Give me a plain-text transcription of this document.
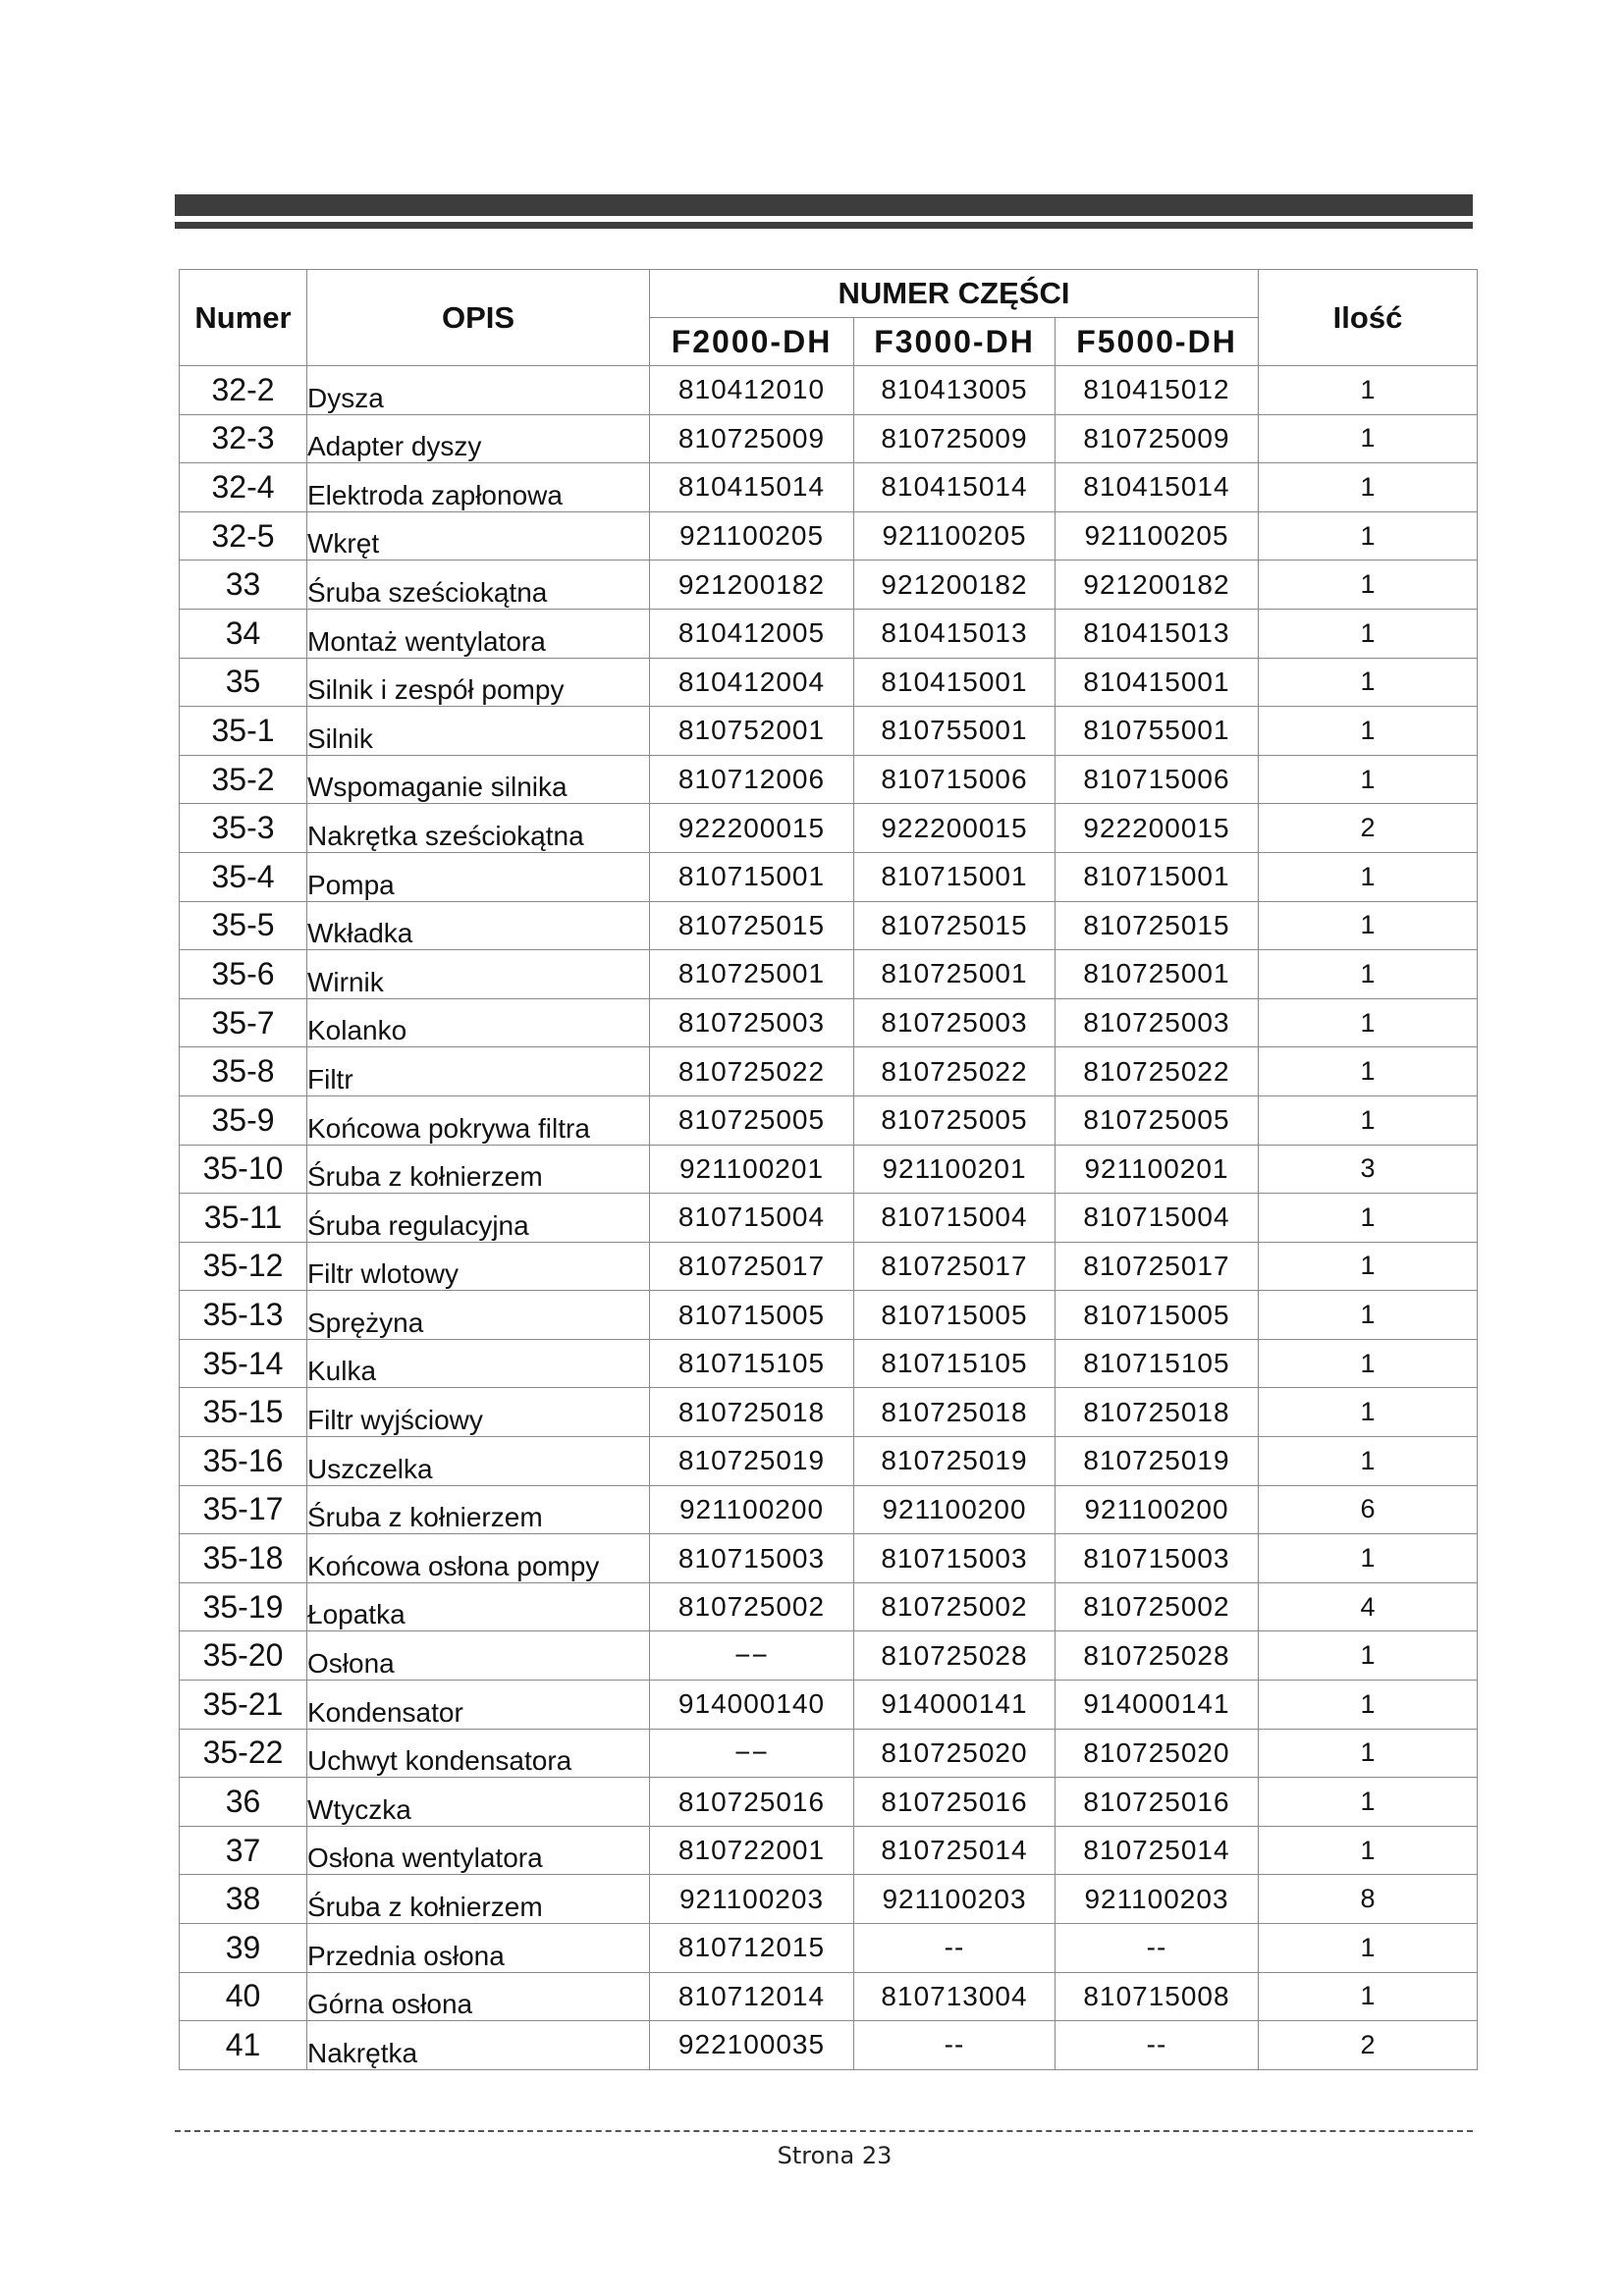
Numer	OPIS	NUMER CZĘŚCI			Ilość
		F2000-DH	F3000-DH	F5000-DH	
32-2	Dysza	810412010	810413005	810415012	1
32-3	Adapter dyszy	810725009	810725009	810725009	1
32-4	Elektroda zapłonowa	810415014	810415014	810415014	1
32-5	Wkręt	921100205	921100205	921100205	1
33	Śruba sześciokątna	921200182	921200182	921200182	1
34	Montaż wentylatora	810412005	810415013	810415013	1
35	Silnik i zespół pompy	810412004	810415001	810415001	1
35-1	Silnik	810752001	810755001	810755001	1
35-2	Wspomaganie silnika	810712006	810715006	810715006	1
35-3	Nakrętka sześciokątna	922200015	922200015	922200015	2
35-4	Pompa	810715001	810715001	810715001	1
35-5	Wkładka	810725015	810725015	810725015	1
35-6	Wirnik	810725001	810725001	810725001	1
35-7	Kolanko	810725003	810725003	810725003	1
35-8	Filtr	810725022	810725022	810725022	1
35-9	Końcowa pokrywa filtra	810725005	810725005	810725005	1
35-10	Śruba z kołnierzem	921100201	921100201	921100201	3
35-11	Śruba regulacyjna	810715004	810715004	810715004	1
35-12	Filtr wlotowy	810725017	810725017	810725017	1
35-13	Sprężyna	810715005	810715005	810715005	1
35-14	Kulka	810715105	810715105	810715105	1
35-15	Filtr wyjściowy	810725018	810725018	810725018	1
35-16	Uszczelka	810725019	810725019	810725019	1
35-17	Śruba z kołnierzem	921100200	921100200	921100200	6
35-18	Końcowa osłona pompy	810715003	810715003	810715003	1
35-19	Łopatka	810725002	810725002	810725002	4
35-20	Osłona	−−	810725028	810725028	1
35-21	Kondensator	914000140	914000141	914000141	1
35-22	Uchwyt kondensatora	−−	810725020	810725020	1
36	Wtyczka	810725016	810725016	810725016	1
37	Osłona wentylatora	810722001	810725014	810725014	1
38	Śruba z kołnierzem	921100203	921100203	921100203	8
39	Przednia osłona	810712015	--	--	1
40	Górna osłona	810712014	810713004	810715008	1
41	Nakrętka	922100035	--	--	2
Strona 23
